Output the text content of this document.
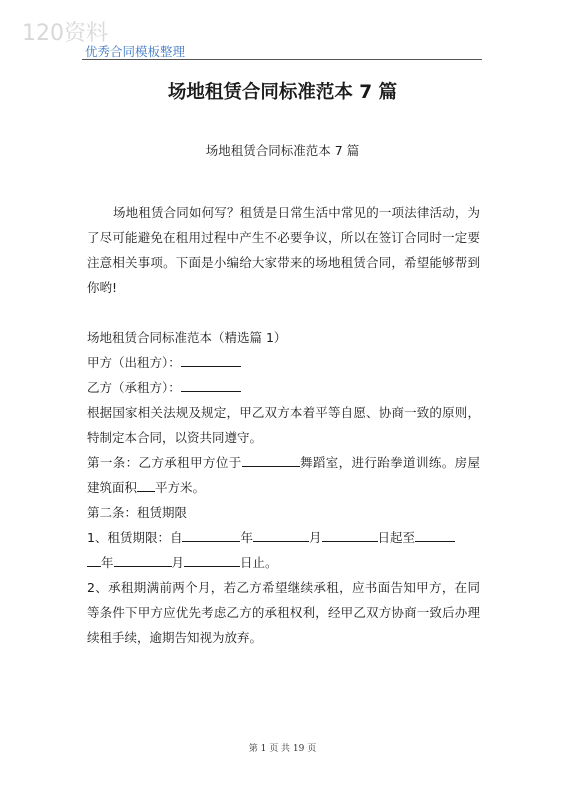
120资料
优秀合同模板整理
场地租赁合同标准范本 7 篇
场地租赁合同标准范本 7 篇

场地租赁合同如何写？租赁是日常生活中常见的一项法律活动，为了尽可能避免在租用过程中产生不必要争议，所以在签订合同时一定要注意相关事项。下面是小编给大家带来的场地租赁合同，希望能够帮到你哟!

场地租赁合同标准范本（精选篇 1）

甲方（出租方）：

乙方（承租方）：

根据国家相关法规及规定，甲乙双方本着平等自愿、协商一致的原则，特制定本合同，以资共同遵守。

第一条：乙方承租甲方位于	舞蹈室，进行跆拳道训练。房屋建筑面积 平方米。

第二条：租赁期限

1、租赁期限：自	年	月	日起至
年	月	日止。

2、承租期满前两个月，若乙方希望继续承租，应书面告知甲方，在同等条件下甲方应优先考虑乙方的承租权利，经甲乙双方协商一致后办理续租手续，逾期告知视为放弃。

第 1 页 共 19 页
